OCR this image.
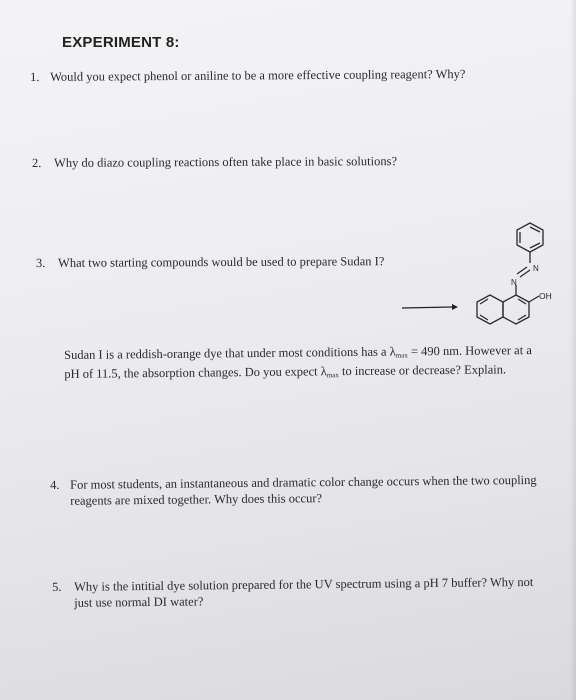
EXPERIMENT 8:
1. Would you expect phenol or aniline to be a more effective coupling reagent? Why?
2. Why do diazo coupling reactions often take place in basic solutions?
3. What two starting compounds would be used to prepare Sudan I?	N
N
OH
Sudan I is a reddish-orange dye that under most conditions has a $\lambda_{max} = 490$ nm. However at a pH of 11.5, the absorption changes. Do you expect $\lambda_{max}$ to increase or decrease? Explain.
4. For most students, an instantaneous and dramatic color change occurs when the two coupling
reagents are mixed together. Why does this occur?
5. Why is the intitial dye solution prepared for the UV spectrum using a pH 7 buffer? Why not
just use normal DI water?
